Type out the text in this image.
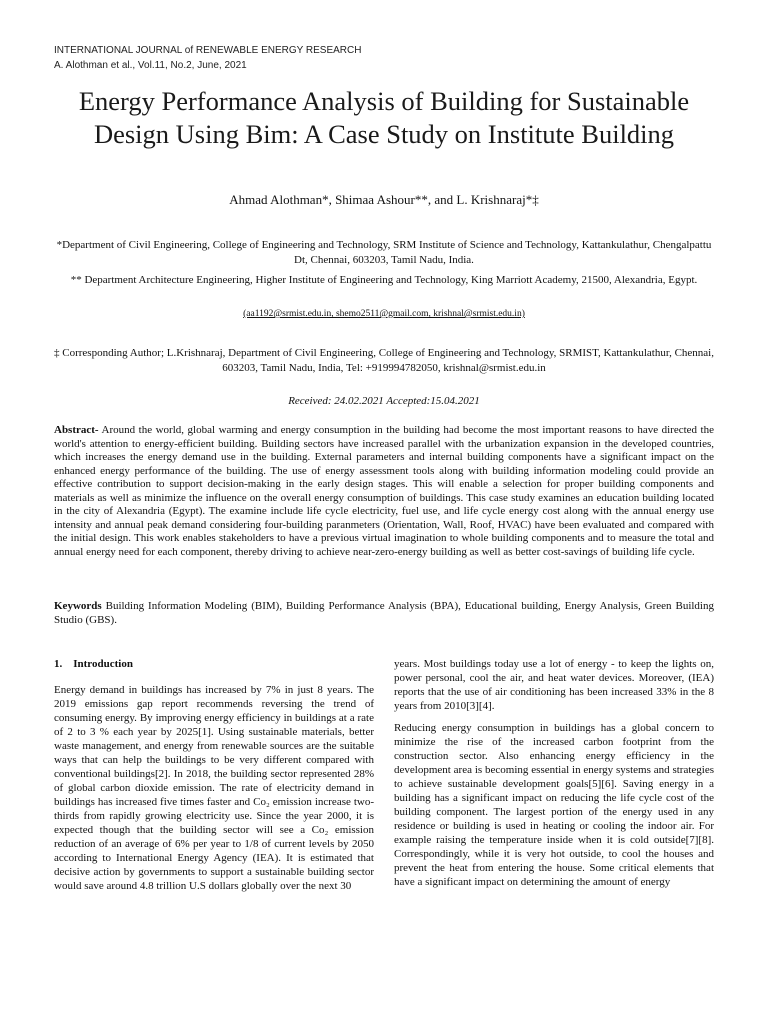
INTERNATIONAL JOURNAL of RENEWABLE ENERGY RESEARCH
A. Alothman et al., Vol.11, No.2, June, 2021
Energy Performance Analysis of Building for Sustainable Design Using Bim: A Case Study on Institute Building
Ahmad Alothman*, Shimaa Ashour**, and L. Krishnaraj*‡
*Department of Civil Engineering, College of Engineering and Technology, SRM Institute of Science and Technology, Kattankulathur, Chengalpattu Dt, Chennai, 603203, Tamil Nadu, India.
** Department Architecture Engineering, Higher Institute of Engineering and Technology, King Marriott Academy, 21500, Alexandria, Egypt.
(aa1192@srmist.edu.in, shemo2511@gmail.com, krishnal@srmist.edu.in)
‡ Corresponding Author; L.Krishnaraj, Department of Civil Engineering, College of Engineering and Technology, SRMIST, Kattankulathur, Chennai, 603203, Tamil Nadu, India, Tel: +919994782050, krishnal@srmist.edu.in
Received: 24.02.2021 Accepted:15.04.2021
Abstract- Around the world, global warming and energy consumption in the building had become the most important reasons to have directed the world's attention to energy-efficient building. Building sectors have increased parallel with the urbanization expansion in the developed countries, which increases the energy demand use in the building. External parameters and internal building components have a significant impact on the enhanced energy performance of the building. The use of energy assessment tools along with building information modeling could provide an effective contribution to support decision-making in the early design stages. This will enable a selection for proper building components and materials as well as minimize the influence on the overall energy consumption of buildings. This case study examines an education building located in the city of Alexandria (Egypt). The examine include life cycle electricity, fuel use, and life cycle energy cost along with the annual energy use intensity and annual peak demand considering four-building paranmeters (Orientation, Wall, Roof, HVAC) have been evaluated and compared with the initial design. This work enables stakeholders to have a previous virtual imagination to whole building components and to measure the total and annual energy need for each component, thereby driving to achieve near-zero-energy building as well as better cost-savings of building life cycle.
Keywords Building Information Modeling (BIM), Building Performance Analysis (BPA), Educational building, Energy Analysis, Green Building Studio (GBS).
1. Introduction

Energy demand in buildings has increased by 7% in just 8 years. The 2019 emissions gap report recommends reversing the trend of consuming energy. By improving energy efficiency in buildings at a rate of 2 to 3 % each year by 2025[1]. Using sustainable materials, better waste management, and energy from renewable sources are the suitable ways that can help the buildings to be very different compared with conventional buildings[2]. In 2018, the building sector represented 28% of global carbon dioxide emission. The rate of electricity demand in buildings has increased five times faster and Co₂ emission increase two-thirds from rapidly growing electricity use. Since the year 2000, it is expected though that the building sector will see a Co₂ emission reduction of an average of 6% per year to 1/8 of current levels by 2050 according to International Energy Agency (IEA). It is estimated that decisive action by governments to support a sustainable building sector would save around 4.8 trillion U.S dollars globally over the next 30

years. Most buildings today use a lot of energy - to keep the lights on, power personal, cool the air, and heat water devices. Moreover, (IEA) reports that the use of air conditioning has been increased 33% in the 8 years from 2010[3][4].

Reducing energy consumption in buildings has a global concern to minimize the rise of the increased carbon footprint from the construction sector. Also enhancing energy efficiency in the development area is becoming essential in energy systems and strategies to achieve sustainable development goals[5][6]. Saving energy in a building has a significant impact on reducing the life cycle cost of the building component. The largest portion of the energy used in any residence or building is used in heating or cooling the indoor air. For example raising the temperature inside when it is cold outside[7][8]. Correspondingly, while it is very hot outside, to cool the houses and prevent the heat from entering the house. Some critical elements that have a significant impact on determining the amount of energy
